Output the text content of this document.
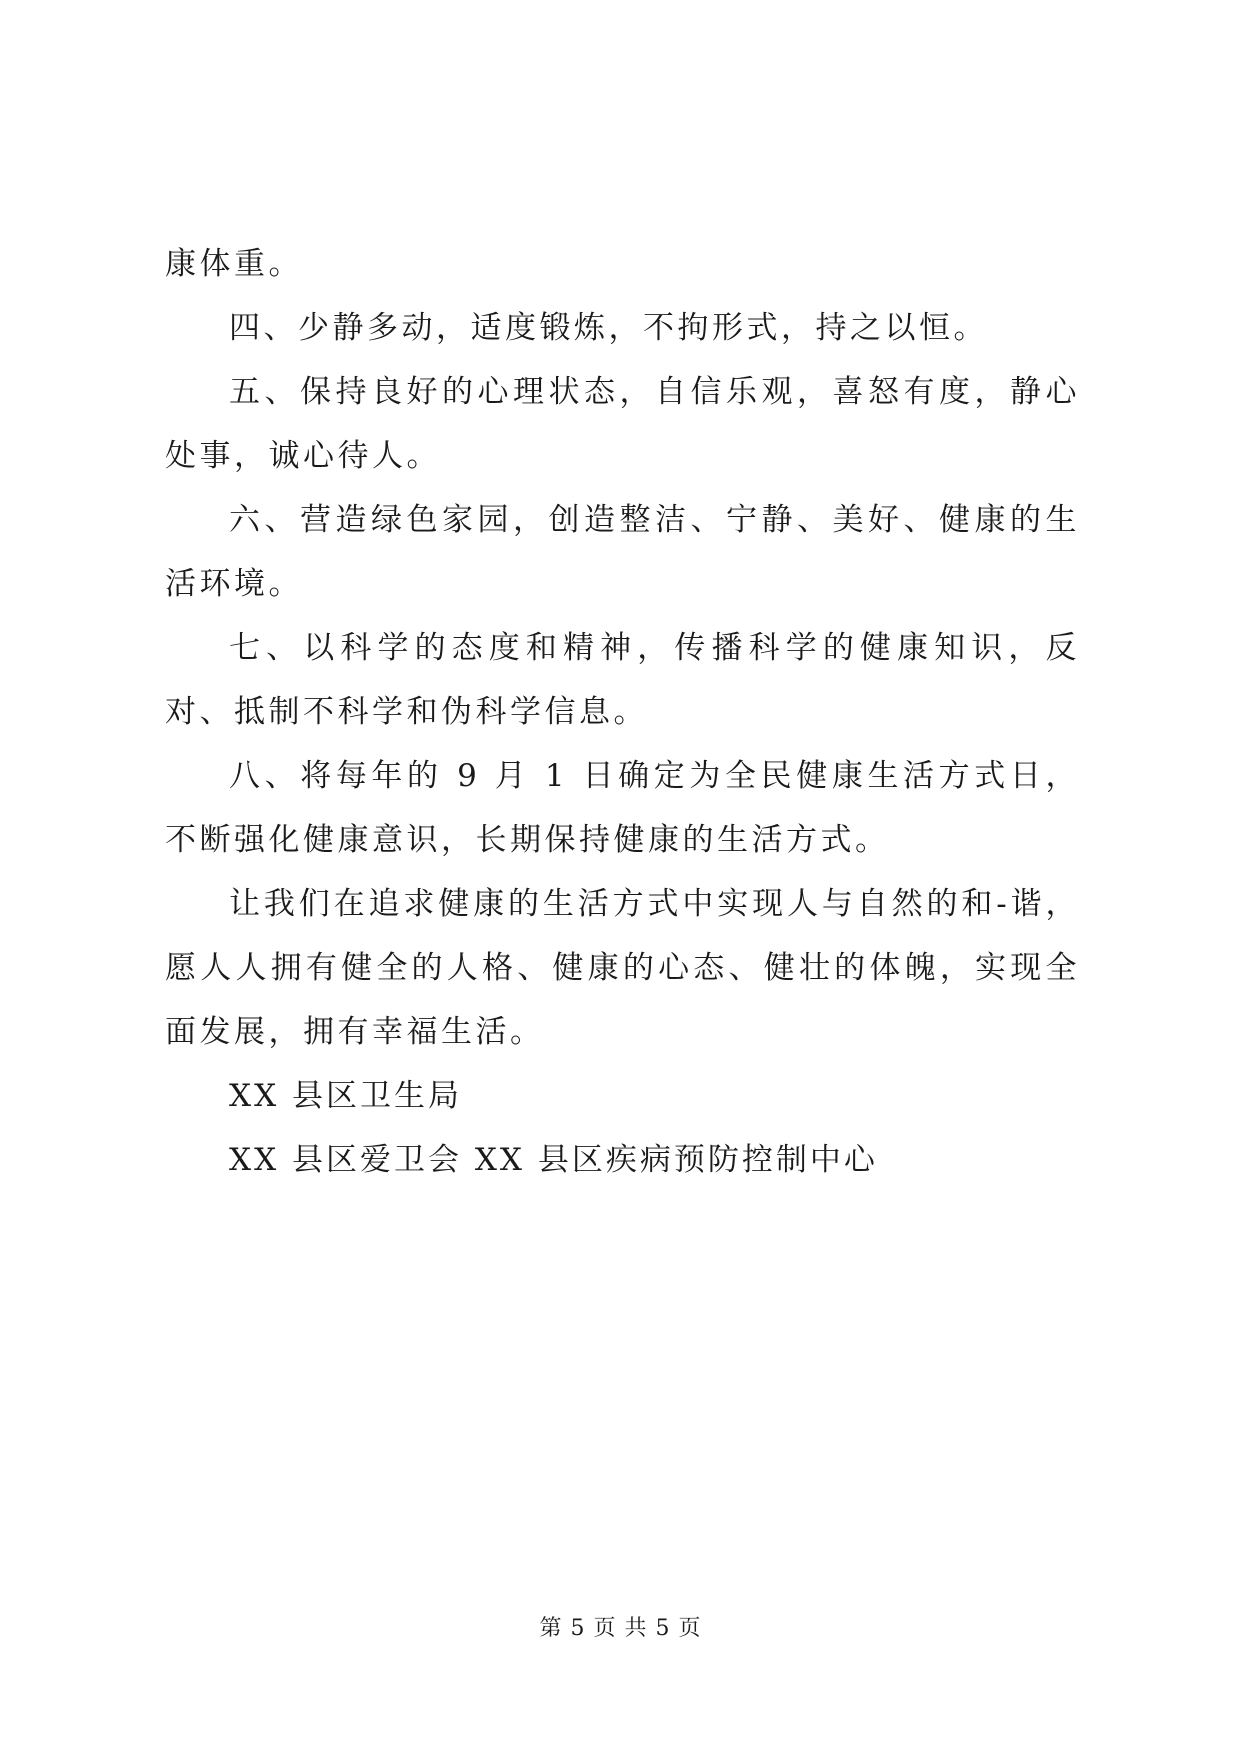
康体重。

四、少静多动，适度锻炼，不拘形式，持之以恒。

五、保持良好的心理状态，自信乐观，喜怒有度，静心处事，诚心待人。

六、营造绿色家园，创造整洁、宁静、美好、健康的生活环境。

七、以科学的态度和精神，传播科学的健康知识，反对、抵制不科学和伪科学信息。

八、将每年的 9 月 1 日确定为全民健康生活方式日，不断强化健康意识，长期保持健康的生活方式。

让我们在追求健康的生活方式中实现人与自然的和-谐，愿人人拥有健全的人格、健康的心态、健壮的体魄，实现全面发展，拥有幸福生活。

XX 县区卫生局

XX 县区爱卫会 XX 县区疾病预防控制中心

第 5 页 共 5 页
